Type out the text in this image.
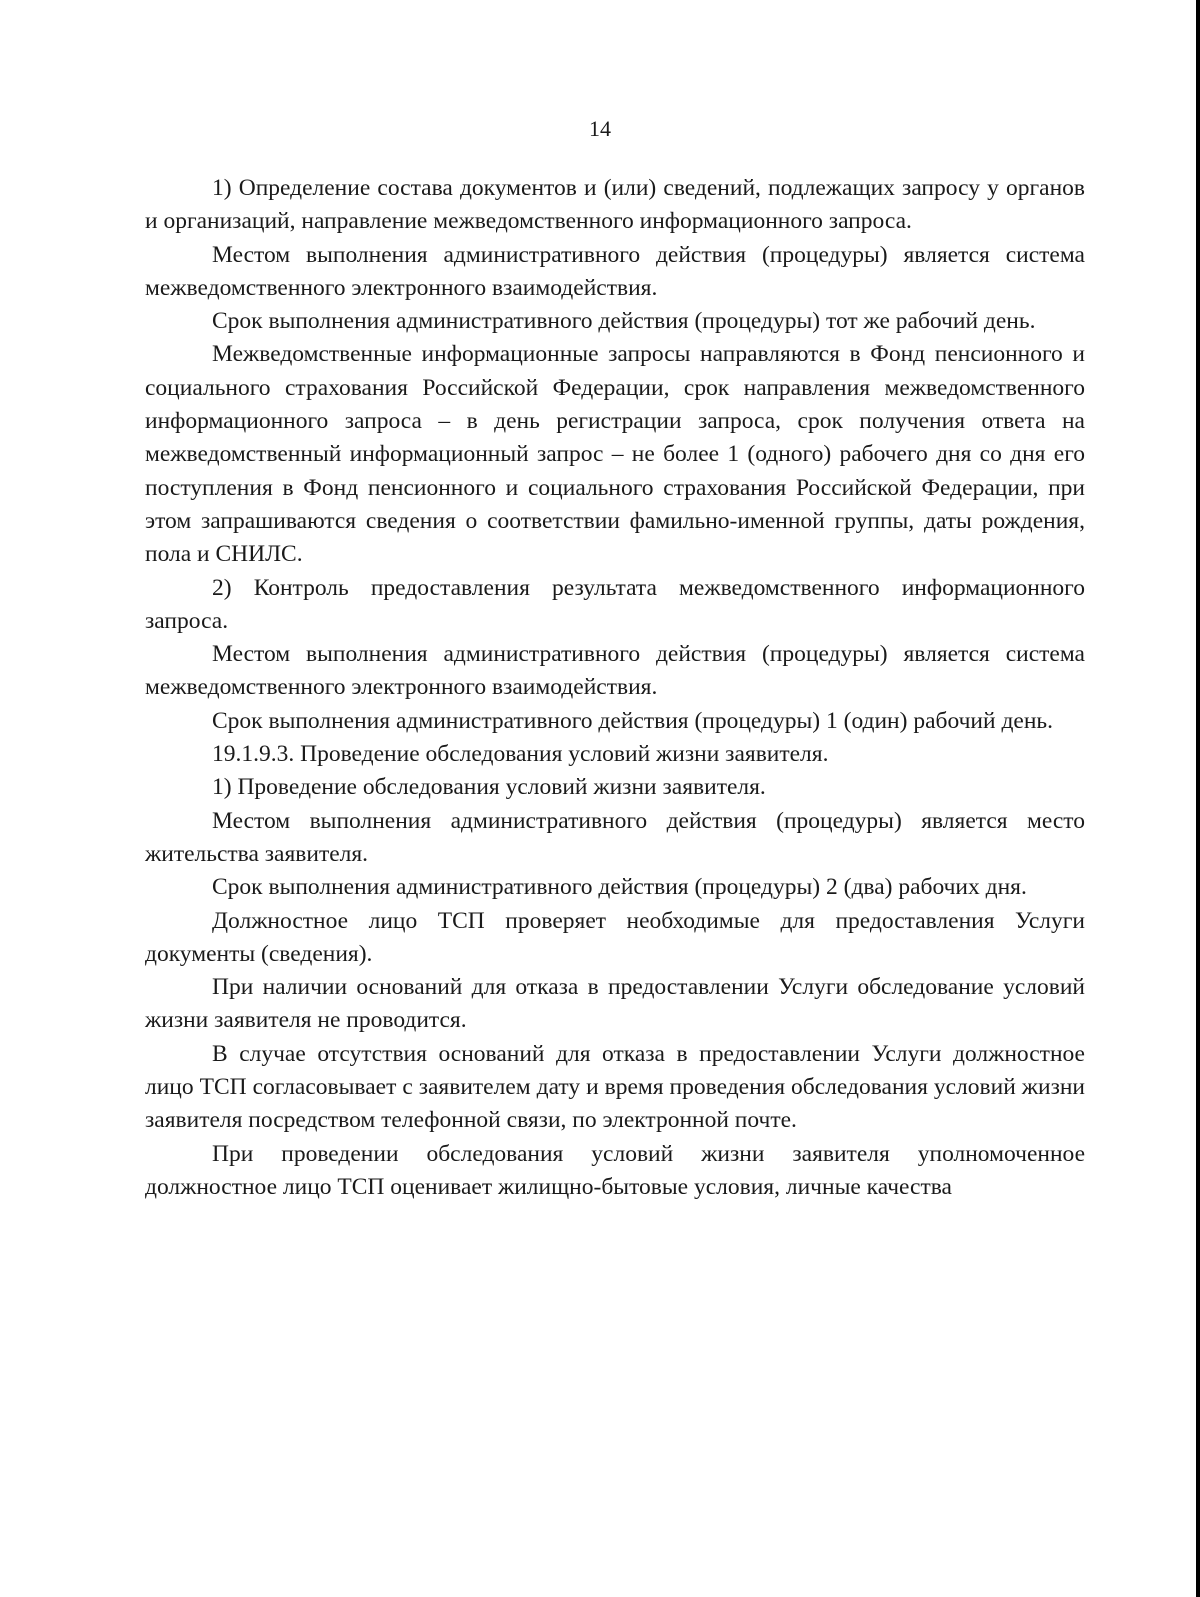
14

1) Определение состава документов и (или) сведений, подлежащих запросу у органов и организаций, направление межведомственного информационного запроса.

Местом выполнения административного действия (процедуры) является система межведомственного электронного взаимодействия.

Срок выполнения административного действия (процедуры) тот же рабочий день.

Межведомственные информационные запросы направляются в Фонд пенсионного и социального страхования Российской Федерации, срок направления межведомственного информационного запроса – в день регистрации запроса, срок получения ответа на межведомственный информационный запрос – не более 1 (одного) рабочего дня со дня его поступления в Фонд пенсионного и социального страхования Российской Федерации, при этом запрашиваются сведения о соответствии фамильно-именной группы, даты рождения, пола и СНИЛС.

2) Контроль предоставления результата межведомственного информационного запроса.

Местом выполнения административного действия (процедуры) является система межведомственного электронного взаимодействия.

Срок выполнения административного действия (процедуры) 1 (один) рабочий день.

19.1.9.3. Проведение обследования условий жизни заявителя.

1) Проведение обследования условий жизни заявителя.

Местом выполнения административного действия (процедуры) является место жительства заявителя.

Срок выполнения административного действия (процедуры) 2 (два) рабочих дня.

Должностное лицо ТСП проверяет необходимые для предоставления Услуги документы (сведения).

При наличии оснований для отказа в предоставлении Услуги обследование условий жизни заявителя не проводится.

В случае отсутствия оснований для отказа в предоставлении Услуги должностное лицо ТСП согласовывает с заявителем дату и время проведения обследования условий жизни заявителя посредством телефонной связи, по электронной почте.

При проведении обследования условий жизни заявителя уполномоченное должностное лицо ТСП оценивает жилищно-бытовые условия, личные качества
